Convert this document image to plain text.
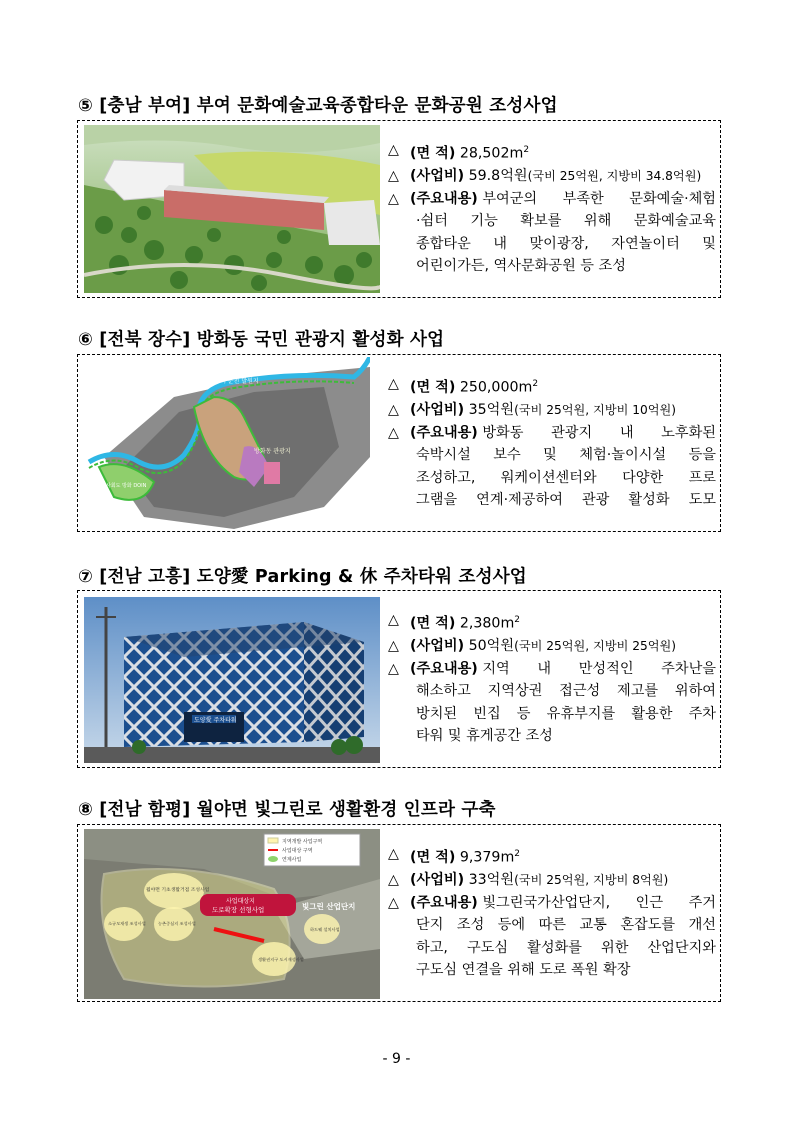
⑤ [충남 부여] 부여 문화예술교육종합타운 문화공원 조성사업
△ (면 적) $28,502m^2$
△ (사업비) 59.8억원(국비 25억원, 지방비 34.8억원)
△ (주요내용)
부여군의 부족한 문화예술·체험
·쉼터 기능 확보를 위해 문화예술교육
종합타운 내 맞이광장, 자연놀이터 및
어린이가든, 역사문화공원 등 조성
⑥ [전북 장수] 방화동 국민 관광지 활성화 사업
수분천 발원지
방화동 관광지
사회도 방화 DOIN
△ (면 적) $250,000m^2$
△ (사업비) 35억원(국비 25억원, 지방비 10억원)
△ (주요내용)
방화동 관광지 내 노후화된
숙박시설 보수 및 체험·놀이시설 등을
조성하고, 워케이션센터와 다양한 프로
그램을 연계·제공하여 관광 활성화 도모
⑦ [전남 고흥] 도양愛 Parking & 休 주차타워 조성사업
도양愛 주차타워
△ (면 적) $2,380m^2$
△ (사업비) 50억원(국비 25억원, 지방비 25억원)
△ (주요내용)
지역 내 만성적인 주차난을
해소하고 지역상권 접근성 제고를 위하여
방치된 빈집 등 유휴부지를 활용한 주차
타워 및 휴게공간 조성
⑧ [전남 함평] 월야면 빛그린로 생활환경 인프라 구축
사업대상지
도로확장 선형사업
지역개발 사업구역
사업대상 구역
연계사업
빛그린 산업단지
월야면 기초생활거점 조성사업
소규모재생 조성사업	농촌중심지 조성사업
생활권지구 도시재생사업
하드웨 설치사업
△ (면 적) $9,379m^2$
△ (사업비) 33억원(국비 25억원, 지방비 8억원)
△ (주요내용)
빛그린국가산업단지, 인근 주거
단지 조성 등에 따른 교통 혼잡도를 개선
하고, 구도심 활성화를 위한 산업단지와
구도심 연결을 위해 도로 폭원 확장
- 9 -
